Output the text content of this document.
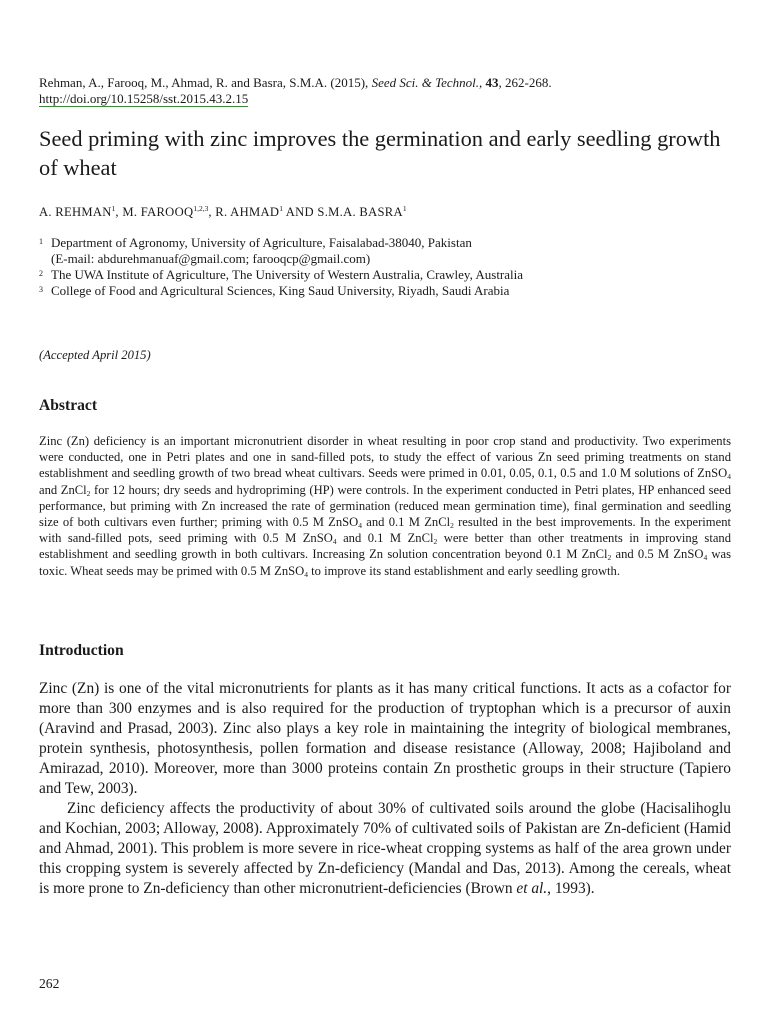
Rehman, A., Farooq, M., Ahmad, R. and Basra, S.M.A. (2015), Seed Sci. & Technol., 43, 262-268.
http://doi.org/10.15258/sst.2015.43.2.15
Seed priming with zinc improves the germination and early seedling growth of wheat
A. REHMAN$^1$, M. FAROOQ$^{1,2,3}$, R. AHMAD$^1$ AND S.M.A. BASRA$^1$
1 Department of Agronomy, University of Agriculture, Faisalabad-38040, Pakistan
(E-mail: abdurehmanuaf@gmail.com; farooqcp@gmail.com)
2 The UWA Institute of Agriculture, The University of Western Australia, Crawley, Australia
3 College of Food and Agricultural Sciences, King Saud University, Riyadh, Saudi Arabia
(Accepted April 2015)
Abstract

Zinc (Zn) deficiency is an important micronutrient disorder in wheat resulting in poor crop stand and productivity. Two experiments were conducted, one in Petri plates and one in sand-filled pots, to study the effect of various Zn seed priming treatments on stand establishment and seedling growth of two bread wheat cultivars. Seeds were primed in 0.01, 0.05, 0.1, 0.5 and 1.0 M solutions of ZnSO$_4$ and ZnCl$_2$ for 12 hours; dry seeds and hydropriming (HP) were controls. In the experiment conducted in Petri plates, HP enhanced seed performance, but priming with Zn increased the rate of germination (reduced mean germination time), final germination and seedling size of both cultivars even further; priming with 0.5 M ZnSO$_4$ and 0.1 M ZnCl$_2$ resulted in the best improvements. In the experiment with sand-filled pots, seed priming with 0.5 M ZnSO$_4$ and 0.1 M ZnCl$_2$ were better than other treatments in improving stand establishment and seedling growth in both cultivars. Increasing Zn solution concentration beyond 0.1 M ZnCl$_2$ and 0.5 M ZnSO$_4$ was toxic. Wheat seeds may be primed with 0.5 M ZnSO$_4$ to improve its stand establishment and early seedling growth.

Introduction

Zinc (Zn) is one of the vital micronutrients for plants as it has many critical functions. It acts as a cofactor for more than 300 enzymes and is also required for the production of tryptophan which is a precursor of auxin (Aravind and Prasad, 2003). Zinc also plays a key role in maintaining the integrity of biological membranes, protein synthesis, photosynthesis, pollen formation and disease resistance (Alloway, 2008; Hajiboland and Amirazad, 2010). Moreover, more than 3000 proteins contain Zn prosthetic groups in their structure (Tapiero and Tew, 2003).

Zinc deficiency affects the productivity of about 30% of cultivated soils around the globe (Hacisalihoglu and Kochian, 2003; Alloway, 2008). Approximately 70% of cultivated soils of Pakistan are Zn-deficient (Hamid and Ahmad, 2001). This problem is more severe in rice-wheat cropping systems as half of the area grown under this cropping system is severely affected by Zn-deficiency (Mandal and Das, 2013). Among the cereals, wheat is more prone to Zn-deficiency than other micronutrient-deficiencies (Brown et al., 1993).

262
